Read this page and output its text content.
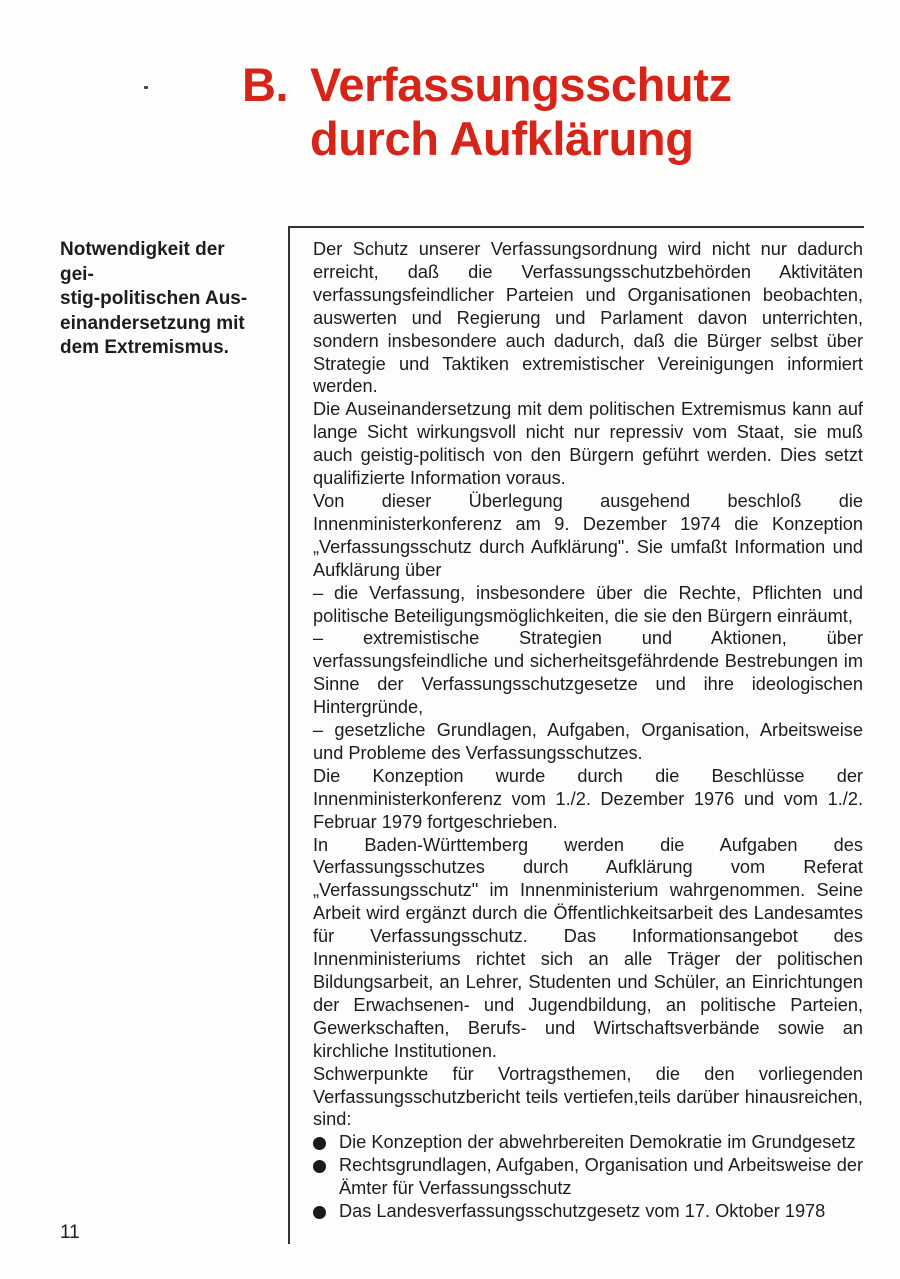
B. Verfassungsschutz
durch Aufklärung
Notwendigkeit der gei-
stig-politischen Aus-
einandersetzung mit
dem Extremismus.

Der Schutz unserer Verfassungsordnung wird nicht nur dadurch erreicht, daß die Verfassungsschutzbehörden Aktivitäten verfassungsfeindlicher Parteien und Organisationen beobachten, auswerten und Regierung und Parlament davon unterrichten, sondern insbesondere auch dadurch, daß die Bürger selbst über Strategie und Taktiken extremistischer Vereinigungen informiert werden.

Die Auseinandersetzung mit dem politischen Extremismus kann auf lange Sicht wirkungsvoll nicht nur repressiv vom Staat, sie muß auch geistig-politisch von den Bürgern geführt werden. Dies setzt qualifizierte Information voraus.

Von dieser Überlegung ausgehend beschloß die Innenministerkonferenz am 9. Dezember 1974 die Konzeption „Verfassungsschutz durch Aufklärung". Sie umfaßt Information und Aufklärung über

– die Verfassung, insbesondere über die Rechte, Pflichten und politische Beteiligungsmöglichkeiten, die sie den Bürgern einräumt,

– extremistische Strategien und Aktionen, über verfassungsfeindliche und sicherheitsgefährdende Bestrebungen im Sinne der Verfassungsschutzgesetze und ihre ideologischen Hintergründe,

– gesetzliche Grundlagen, Aufgaben, Organisation, Arbeitsweise und Probleme des Verfassungsschutzes.

Die Konzeption wurde durch die Beschlüsse der Innenministerkonferenz vom 1./2. Dezember 1976 und vom 1./2. Februar 1979 fortgeschrieben.

In Baden-Württemberg werden die Aufgaben des Verfassungsschutzes durch Aufklärung vom Referat „Verfassungsschutz" im Innenministerium wahrgenommen. Seine Arbeit wird ergänzt durch die Öffentlichkeitsarbeit des Landesamtes für Verfassungsschutz. Das Informationsangebot des Innenministeriums richtet sich an alle Träger der politischen Bildungsarbeit, an Lehrer, Studenten und Schüler, an Einrichtungen der Erwachsenen- und Jugendbildung, an politische Parteien, Gewerkschaften, Berufs- und Wirtschaftsverbände sowie an kirchliche Institutionen.

Schwerpunkte für Vortragsthemen, die den vorliegenden Verfassungsschutzbericht teils vertiefen,teils darüber hinausreichen, sind:

Die Konzeption der abwehrbereiten Demokratie im Grundgesetz
Rechtsgrundlagen, Aufgaben, Organisation und Arbeitsweise der Ämter für Verfassungsschutz
Das Landesverfassungsschutzgesetz vom 17. Oktober 1978
11
